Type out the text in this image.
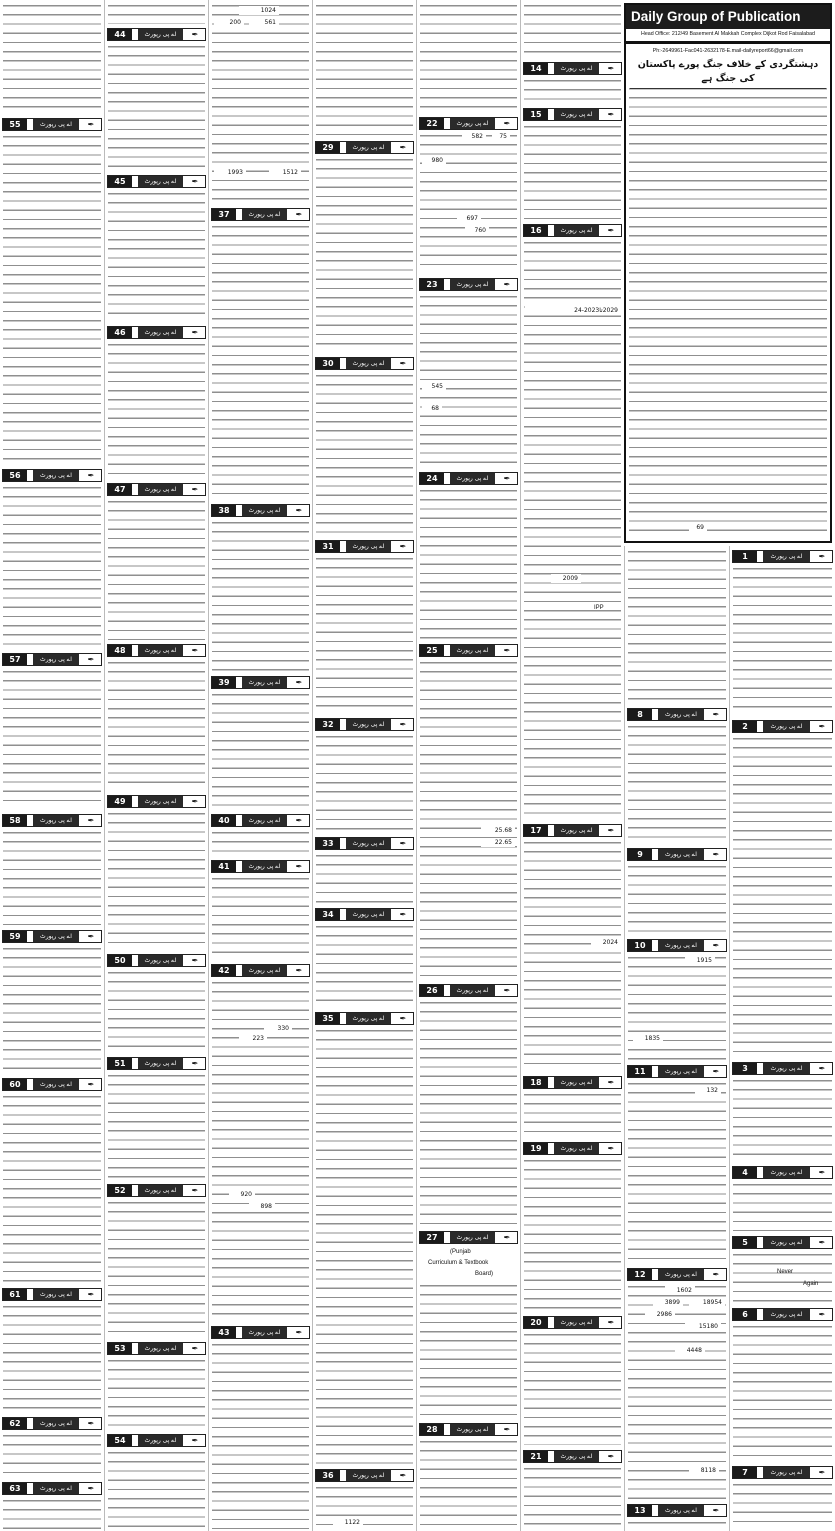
55	اے پی رپورٹ	✒
56	اے پی رپورٹ	✒
57	اے پی رپورٹ	✒
58	اے پی رپورٹ	✒
59	اے پی رپورٹ	✒
60	اے پی رپورٹ	✒
61	اے پی رپورٹ	✒
62	اے پی رپورٹ	✒
63	اے پی رپورٹ	✒
44	اے پی رپورٹ	✒
45	اے پی رپورٹ	✒
46	اے پی رپورٹ	✒
47	اے پی رپورٹ	✒
48	اے پی رپورٹ	✒
49	اے پی رپورٹ	✒
50	اے پی رپورٹ	✒
51	اے پی رپورٹ	✒
52	اے پی رپورٹ	✒
53	اے پی رپورٹ	✒
54	اے پی رپورٹ	✒
1024
561
200
1993	1512
37	اے پی رپورٹ	✒
38	اے پی رپورٹ	✒
39	اے پی رپورٹ	✒
40	اے پی رپورٹ	✒
41	اے پی رپورٹ	✒
42	اے پی رپورٹ	✒
330
223
920
898
43	اے پی رپورٹ	✒
29	اے پی رپورٹ	✒
30	اے پی رپورٹ	✒
31	اے پی رپورٹ	✒
32	اے پی رپورٹ	✒
33	اے پی رپورٹ	✒
34	اے پی رپورٹ	✒
35	اے پی رپورٹ	✒
36	اے پی رپورٹ	✒
1122
22	اے پی رپورٹ	✒
582	75
980
697
760
23	اے پی رپورٹ	✒
545
68
24	اے پی رپورٹ	✒
25	اے پی رپورٹ	✒
25.68
22.65
26	اے پی رپورٹ	✒
27	اے پی رپورٹ	✒
(Punjab
Curriculum & Textbook
Board)
28	اے پی رپورٹ	✒
14	اے پی رپورٹ	✒
15	اے پی رپورٹ	✒
16	اے پی رپورٹ	✒
2029تا2023-24
2009
IPP
17	اے پی رپورٹ	✒
2024
18	اے پی رپورٹ	✒
19	اے پی رپورٹ	✒
20	اے پی رپورٹ	✒
21	اے پی رپورٹ	✒
Daily Group of Publication
Head Office: 212/49 Basement Al Makkah Complex Dijkot Rod Faisalabad
Ph:-2649961-Fac041-2632178-E.mail-dailyreport66@gmail.com
دہشتگردی کے خلاف جنگ پورے پاکستان کی جنگ ہے
69
8	اے پی رپورٹ	✒
9	اے پی رپورٹ	✒
10	اے پی رپورٹ	✒
1915
1835
11	اے پی رپورٹ	✒
132
12	اے پی رپورٹ	✒
1602
3899	18954
2986
15180
4448
8118
13	اے پی رپورٹ	✒
1	اے پی رپورٹ	✒
2	اے پی رپورٹ	✒
3	اے پی رپورٹ	✒
4	اے پی رپورٹ	✒
5	اے پی رپورٹ	✒
Never
Again
6	اے پی رپورٹ	✒
7	اے پی رپورٹ	✒
